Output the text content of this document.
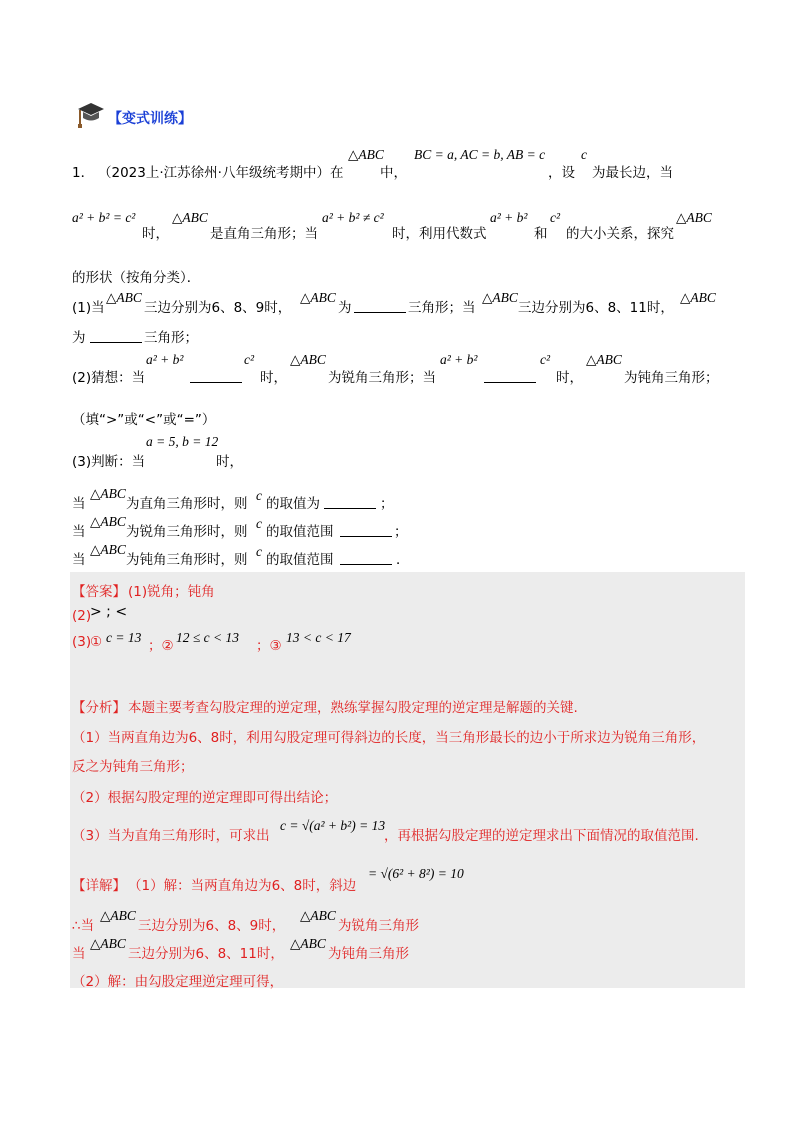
【变式训练】
1． （2023上·江苏徐州·八年级统考期中）在
△ABC
中，
BC = a, AC = b, AB = c
，设
c
为最长边，当
a² + b² = c²
时，
△ABC
是直角三角形；当
a² + b² ≠ c²
时，利用代数式
a² + b²
和
c²
的大小关系，探究
△ABC
的形状（按角分类）．
(1)当
△ABC
三边分别为6、8、9时，
△ABC
为	三角形；当
△ABC
三边分别为6、8、11时，
△ABC
为	三角形；
(2)猜想：当
a² + b²	c²
时，
△ABC
为锐角三角形；当
a² + b²	c²
时，
△ABC
为钝角三角形；
（填“>”或“<”或“=”）
(3)判断：当
a = 5, b = 12
时，
当
△ABC
为直角三角形时，则
c
的取值为	；
当
△ABC
为锐角三角形时，则
c
的取值范围	；
当
△ABC
为钝角三角形时，则
c
的取值范围	．
【答案】 (1)锐角；钝角
(2)
> ; <
(3)
① c = 13
；②
12 ≤ c < 13
；③
13 < c < 17
【分析】 本题主要考查勾股定理的逆定理，熟练掌握勾股定理的逆定理是解题的关键.
（1）当两直角边为6、8时，利用勾股定理可得斜边的长度，当三角形最长的边小于所求边为锐角三角形，
反之为钝角三角形；
（2）根据勾股定理的逆定理即可得出结论；
（3）当为直角三角形时，可求出
c = √(a² + b²) = 13
，再根据勾股定理的逆定理求出下面情况的取值范围.
【详解】 （1）解：当两直角边为6、8时，斜边
= √(6² + 8²) = 10
∴当
△ABC
三边分别为6、8、9时，
△ABC
为锐角三角形
当
△ABC
三边分别为6、8、11时，
△ABC
为钝角三角形
（2）解：由勾股定理逆定理可得，
